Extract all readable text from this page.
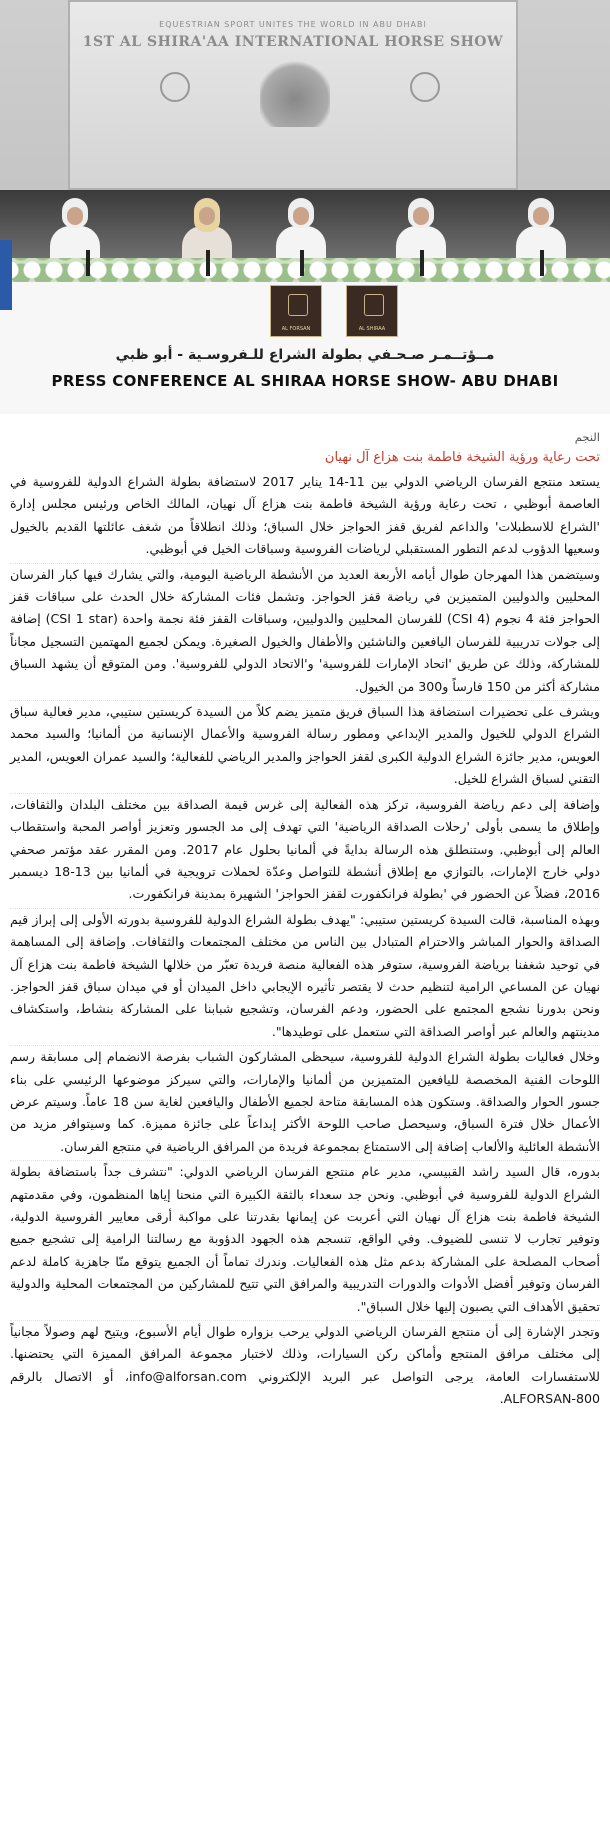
EQUESTRIAN SPORT UNITES THE WORLD IN ABU DHABI
1ST AL SHIRA'AA INTERNATIONAL HORSE SHOW
AL FORSAN	AL SHIRAA
مــؤتــمـر صـحـفي بطولة الشراع للـفروسـية - أبو ظبي
PRESS CONFERENCE AL SHIRAA HORSE SHOW- ABU DHABI
النجم
تحت رعاية ورؤية الشيخة فاطمة بنت هزاع آل نهيان

يستعد منتجع الفرسان الرياضي الدولي بين 11-14 يناير 2017 لاستضافة بطولة الشراع الدولية للفروسية في العاصمة أبوظبي ، تحت رعاية ورؤية الشيخة فاطمة بنت هزاع آل نهيان، المالك الخاص ورئيس مجلس إدارة 'الشراع للاسطبلات' والداعم لفريق قفز الحواجز خلال السباق؛ وذلك انطلاقاً من شغف عائلتها القديم بالخيول وسعيها الدؤوب لدعم التطور المستقبلي لرياضات الفروسية وسباقات الخيل في أبوظبي.

وسيتضمن هذا المهرجان طوال أيامه الأربعة العديد من الأنشطة الرياضية اليومية، والتي يشارك فيها كبار الفرسان المحليين والدوليين المتميزين في رياضة قفز الحواجز. وتشمل فئات المشاركة خلال الحدث على سباقات قفز الحواجز فئة 4 نجوم (CSI 4) للفرسان المحليين والدوليين، وسباقات القفز فئة نجمة واحدة (CSI 1 star) إضافة إلى جولات تدريبية للفرسان اليافعين والناشئين والأطفال والخيول الصغيرة. ويمكن لجميع المهتمين التسجيل مجاناً للمشاركة، وذلك عن طريق 'اتحاد الإمارات للفروسية' و'الاتحاد الدولي للفروسية'. ومن المتوقع أن يشهد السباق مشاركة أكثر من 150 فارساً و300 من الخيول.

ويشرف على تحضيرات استضافة هذا السباق فريق متميز يضم كلاً من السيدة كريستين ستيبي، مدير فعالية سباق الشراع الدولي للخيول والمدير الإبداعي ومطور رسالة الفروسية والأعمال الإنسانية من ألمانيا؛ والسيد محمد العويس، مدير جائزة الشراع الدولية الكبرى لقفز الحواجز والمدير الرياضي للفعالية؛ والسيد عمران العويس، المدير التقني لسباق الشراع للخيل.

وإضافة إلى دعم رياضة الفروسية، تركز هذه الفعالية إلى غرس قيمة الصداقة بين مختلف البلدان والثقافات، وإطلاق ما يسمى بأولى 'رحلات الصداقة الرياضية' التي تهدف إلى مد الجسور وتعزيز أواصر المحبة واستقطاب العالم إلى أبوظبي. وستنطلق هذه الرسالة بدايةً في ألمانيا بحلول عام 2017. ومن المقرر عقد مؤتمر صحفي دولي خارج الإمارات، بالتوازي مع إطلاق أنشطة للتواصل وعدّة لحملات ترويجية في ألمانيا بين 13-18 ديسمبر 2016، فضلاً عن الحضور في 'بطولة فرانكفورت لقفز الحواجز' الشهيرة بمدينة فرانكفورت.

وبهذه المناسبة، قالت السيدة كريستين ستيبي: "يهدف بطولة الشراع الدولية للفروسية بدورته الأولى إلى إبراز قيم الصداقة والحوار المباشر والاحترام المتبادل بين الناس من مختلف المجتمعات والثقافات. وإضافة إلى المساهمة في توحيد شغفنا برياضة الفروسية، ستوفر هذه الفعالية منصة فريدة تعبّر من خلالها الشيخة فاطمة بنت هزاع آل نهيان عن المساعي الرامية لتنظيم حدث لا يقتصر تأثيره الإيجابي داخل الميدان أو في ميدان سباق قفز الحواجز. ونحن بدورنا نشجع المجتمع على الحضور، ودعم الفرسان، وتشجيع شبابنا على المشاركة بنشاط، واستكشاف مدينتهم والعالم عبر أواصر الصداقة التي ستعمل على توطيدها".

وخلال فعاليات بطولة الشراع الدولية للفروسية، سيحظى المشاركون الشباب بفرصة الانضمام إلى مسابقة رسم اللوحات الفنية المخصصة لليافعين المتميزين من ألمانيا والإمارات، والتي سيركز موضوعها الرئيسي على بناء جسور الحوار والصداقة. وستكون هذه المسابقة متاحة لجميع الأطفال واليافعين لغاية سن 18 عاماً. وسيتم عرض الأعمال خلال فترة السباق، وسيحصل صاحب اللوحة الأكثر إبداعاً على جائزة مميزة. كما وسيتوافر مزيد من الأنشطة العائلية والألعاب إضافة إلى الاستمتاع بمجموعة فريدة من المرافق الرياضية في منتجع الفرسان.

بدوره، قال السيد راشد القبيسي، مدير عام منتجع الفرسان الرياضي الدولي: "نتشرف جداً باستضافة بطولة الشراع الدولية للفروسية في أبوظبي. ونحن جد سعداء بالثقة الكبيرة التي منحنا إياها المنظمون، وفي مقدمتهم الشيخة فاطمة بنت هزاع آل نهيان التي أعربت عن إيمانها بقدرتنا على مواكبة أرقى معايير الفروسية الدولية، وتوفير تجارب لا تنسى للضيوف. وفي الواقع، تنسجم هذه الجهود الدؤوبة مع رسالتنا الرامية إلى تشجيع جميع أصحاب المصلحة على المشاركة بدعم مثل هذه الفعاليات. وندرك تماماً أن الجميع يتوقع منّا جاهزية كاملة لدعم الفرسان وتوفير أفضل الأدوات والدورات التدريبية والمرافق التي تتيح للمشاركين من المجتمعات المحلية والدولية تحقيق الأهداف التي يصبون إليها خلال السباق".

وتجدر الإشارة إلى أن منتجع الفرسان الرياضي الدولي يرحب بزواره طوال أيام الأسبوع، ويتيح لهم وصولاً مجانياً إلى مختلف مرافق المنتجع وأماكن ركن السيارات، وذلك لاختبار مجموعة المرافق المميزة التي يحتضنها. للاستفسارات العامة، يرجى التواصل عبر البريد الإلكتروني info@alforsan.com، أو الاتصال بالرقم ALFORSAN-800.
